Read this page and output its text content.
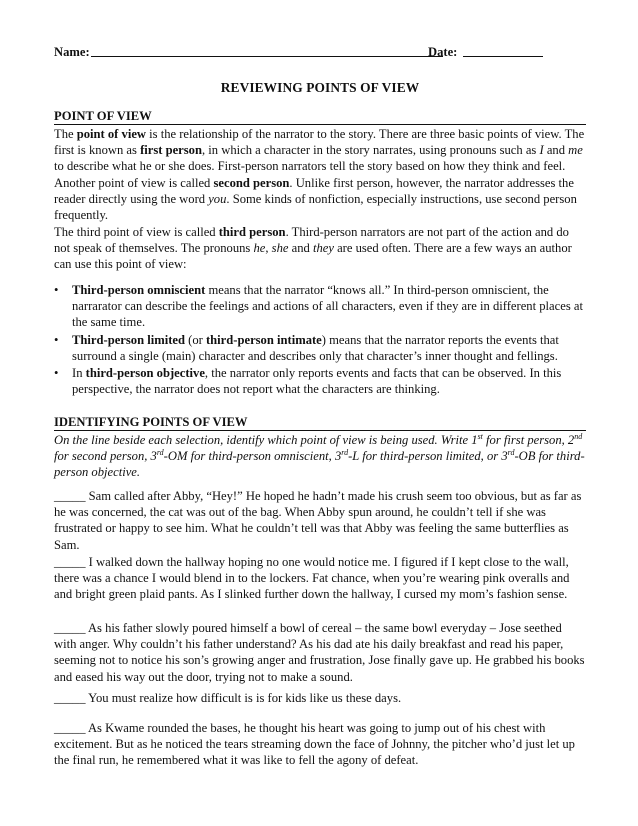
Name:	Date:
REVIEWING POINTS OF VIEW
POINT OF VIEW

The point of view is the relationship of the narrator to the story. There are three basic points of view. The first is known as first person, in which a character in the story narrates, using pronouns such as I and me to describe what he or she does. First-person narrators tell the story based on how they think and feel. Another point of view is called second person. Unlike first person, however, the narrator addresses the reader directly using the word you. Some kinds of nonfiction, especially instructions, use second person frequently.

The third point of view is called third person. Third-person narrators are not part of the action and do not speak of themselves. The pronouns he, she and they are used often. There are a few ways an author can use this point of view:

• Third-person omniscient means that the narrator “knows all.” In third-person omniscient, the narrarator can describe the feelings and actions of all characters, even if they are in different places at the same time.
• Third-person limited (or third-person intimate) means that the narrator reports the events that surround a single (main) character and describes only that character’s inner thought and fellings.
• In third-person objective, the narrator only reports events and facts that can be observed. In this perspective, the narrator does not report what the characters are thinking.
IDENTIFYING POINTS OF VIEW

On the line beside each selection, identify which point of view is being used. Write 1st for first person, 2nd for second person, 3rd-OM for third-person omniscient, 3rd-L for third-person limited, or 3rd-OB for third-person objective.

_____ Sam called after Abby, “Hey!” He hoped he hadn’t made his crush seem too obvious, but as far as he was concerned, the cat was out of the bag. When Abby spun around, he couldn’t tell if she was frustrated or happy to see him. What he couldn’t tell was that Abby was feeling the same butterflies as Sam.

_____ I walked down the hallway hoping no one would notice me. I figured if I kept close to the wall, there was a chance I would blend in to the lockers. Fat chance, when you’re wearing pink overalls and and bright green plaid pants. As I slinked further down the hallway, I cursed my mom’s fashion sense.

_____ As his father slowly poured himself a bowl of cereal – the same bowl everyday – Jose seethed with anger. Why couldn’t his father understand? As his dad ate his daily breakfast and read his paper, seeming not to notice his son’s growing anger and frustration, Jose finally gave up. He grabbed his books and eased his way out the door, trying not to make a sound.

_____ You must realize how difficult is is for kids like us these days.

_____ As Kwame rounded the bases, he thought his heart was going to jump out of his chest with excitement. But as he noticed the tears streaming down the face of Johnny, the pitcher who’d just let up the final run, he remembered what it was like to fell the agony of defeat.
